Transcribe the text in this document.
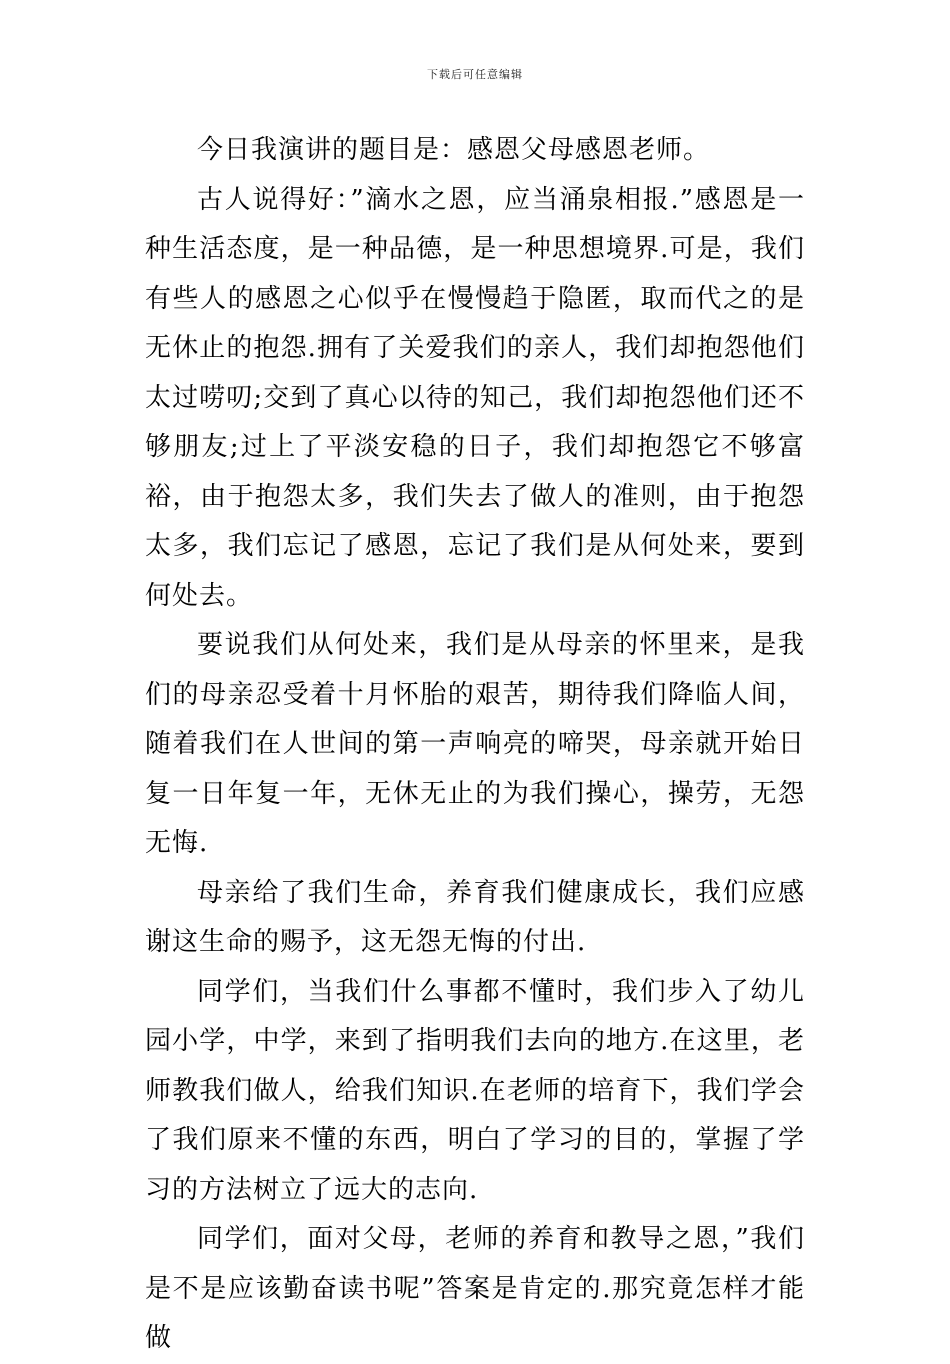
下载后可任意编辑

今日我演讲的题目是：感恩父母感恩老师。

古人说得好：”滴水之恩，应当涌泉相报.”感恩是一种生活态度，是一种品德，是一种思想境界.可是，我们有些人的感恩之心似乎在慢慢趋于隐匿，取而代之的是无休止的抱怨.拥有了关爱我们的亲人，我们却抱怨他们太过唠叨;交到了真心以待的知己，我们却抱怨他们还不够朋友;过上了平淡安稳的日子，我们却抱怨它不够富裕，由于抱怨太多，我们失去了做人的准则，由于抱怨太多，我们忘记了感恩，忘记了我们是从何处来，要到何处去。

要说我们从何处来，我们是从母亲的怀里来，是我们的母亲忍受着十月怀胎的艰苦，期待我们降临人间，随着我们在人世间的第一声响亮的啼哭，母亲就开始日复一日年复一年，无休无止的为我们操心，操劳，无怨无悔.

母亲给了我们生命，养育我们健康成长，我们应感谢这生命的赐予，这无怨无悔的付出.

同学们，当我们什么事都不懂时，我们步入了幼儿园小学，中学，来到了指明我们去向的地方.在这里，老师教我们做人，给我们知识.在老师的培育下，我们学会了我们原来不懂的东西，明白了学习的目的，掌握了学习的方法树立了远大的志向.

同学们，面对父母，老师的养育和教导之恩，”我们是不是应该勤奋读书呢”答案是肯定的.那究竟怎样才能做
